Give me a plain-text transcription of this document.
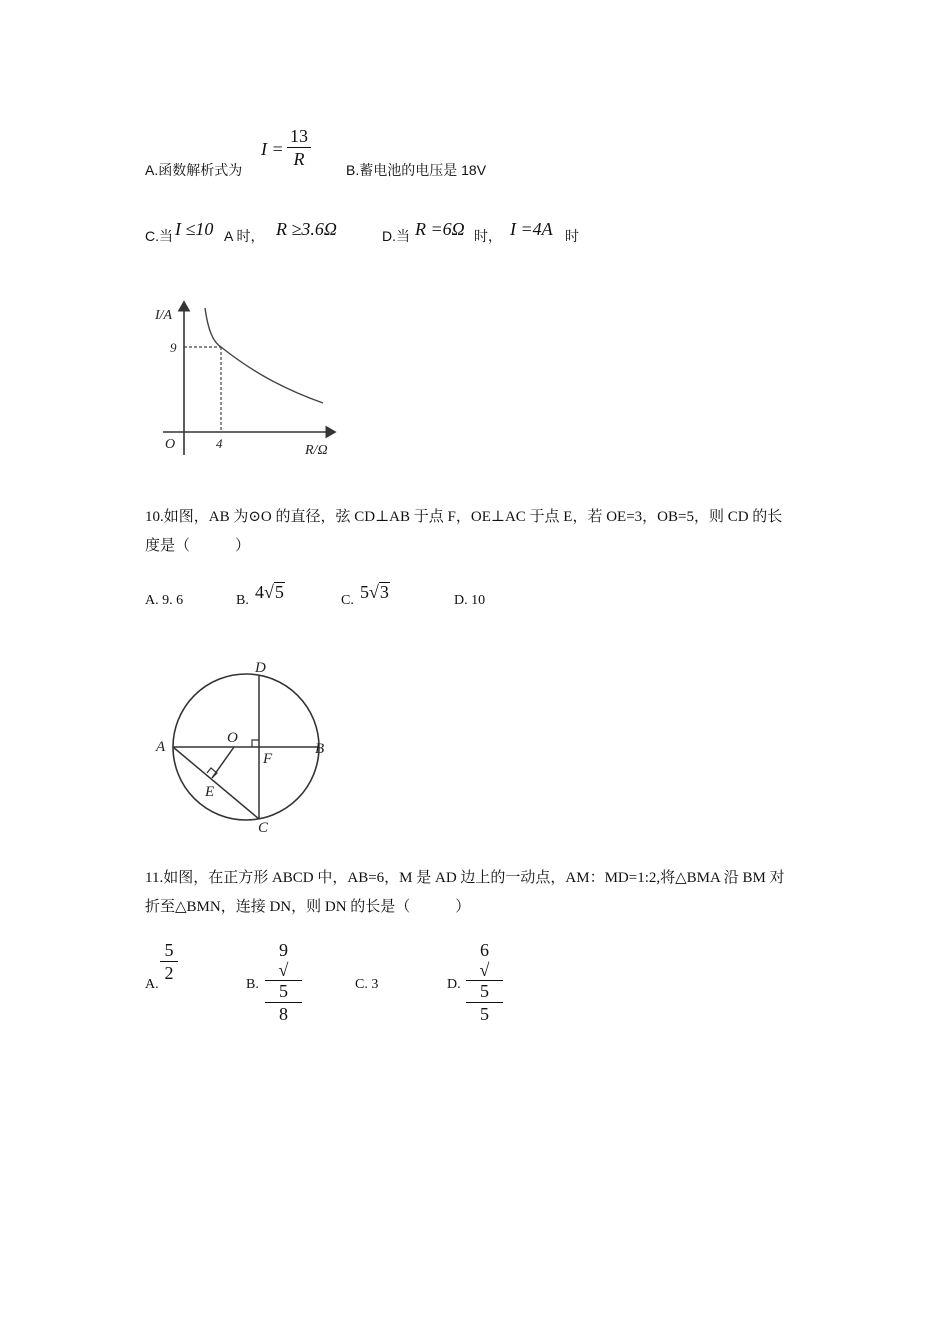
A.函数解析式为
I =
13
R
B.蓄电池的电压是 18V
C.当 I ≤10 A 时， R ≥3.6Ω	D.当 R =6Ω 时， I =4A 时
I/A
R/Ω
O
9
4
10.如图，AB 为⊙O 的直径，弦 CD⊥AB 于点 F，OE⊥AC 于点 E，若 OE=3，OB=5，则 CD 的长
度是（　　　）
A. 9. 6	B. 4√5	C. 5√3	D. 10
D
A
O
F
B
E
C
11.如图，在正方形 ABCD 中，AB=6，M 是 AD 边上的一动点，AM：MD=1:2,将△BMA 沿 BM 对
折至△BMN，连接 DN，则 DN 的长是（　　　）
A.
5
2
B.
9
√
5
8
C. 3	D.
6
√
5
5
